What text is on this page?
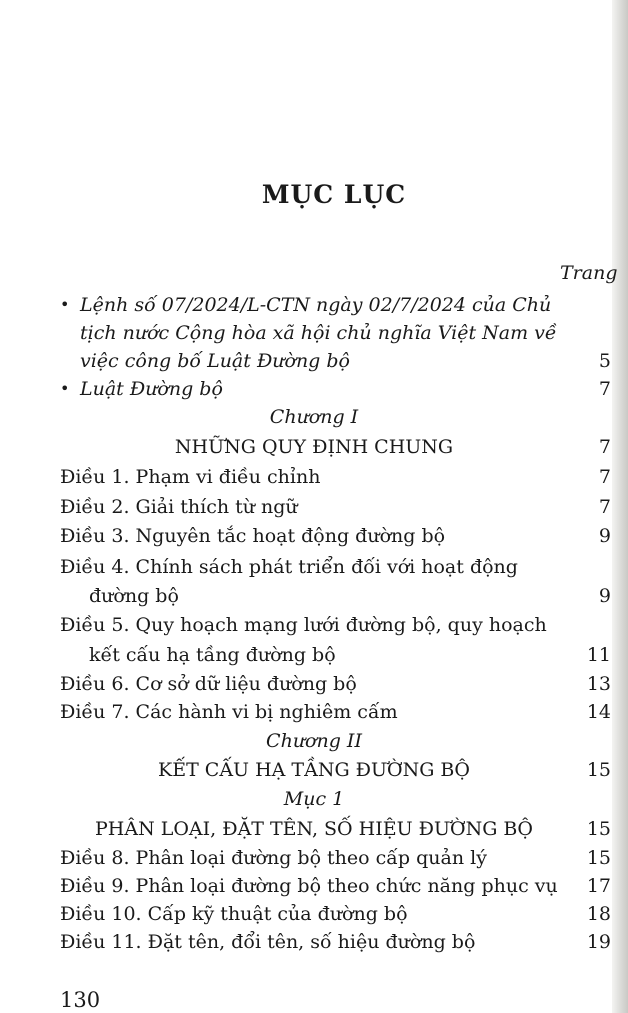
MỤC LỤC
Trang
• Lệnh số 07/2024/L-CTN ngày 02/7/2024 của Chủ
tịch nước Cộng hòa xã hội chủ nghĩa Việt Nam về
việc công bố Luật Đường bộ	5
• Luật Đường bộ	7
Chương I
NHỮNG QUY ĐỊNH CHUNG	7
Điều 1. Phạm vi điều chỉnh	7
Điều 2. Giải thích từ ngữ	7
Điều 3. Nguyên tắc hoạt động đường bộ	9
Điều 4. Chính sách phát triển đối với hoạt động
đường bộ	9
Điều 5. Quy hoạch mạng lưới đường bộ, quy hoạch
kết cấu hạ tầng đường bộ	11
Điều 6. Cơ sở dữ liệu đường bộ	13
Điều 7. Các hành vi bị nghiêm cấm	14
Chương II
KẾT CẤU HẠ TẦNG ĐƯỜNG BỘ	15
Mục 1
PHÂN LOẠI, ĐẶT TÊN, SỐ HIỆU ĐƯỜNG BỘ	15
Điều 8. Phân loại đường bộ theo cấp quản lý	15
Điều 9. Phân loại đường bộ theo chức năng phục vụ	17
Điều 10. Cấp kỹ thuật của đường bộ	18
Điều 11. Đặt tên, đổi tên, số hiệu đường bộ	19
130
